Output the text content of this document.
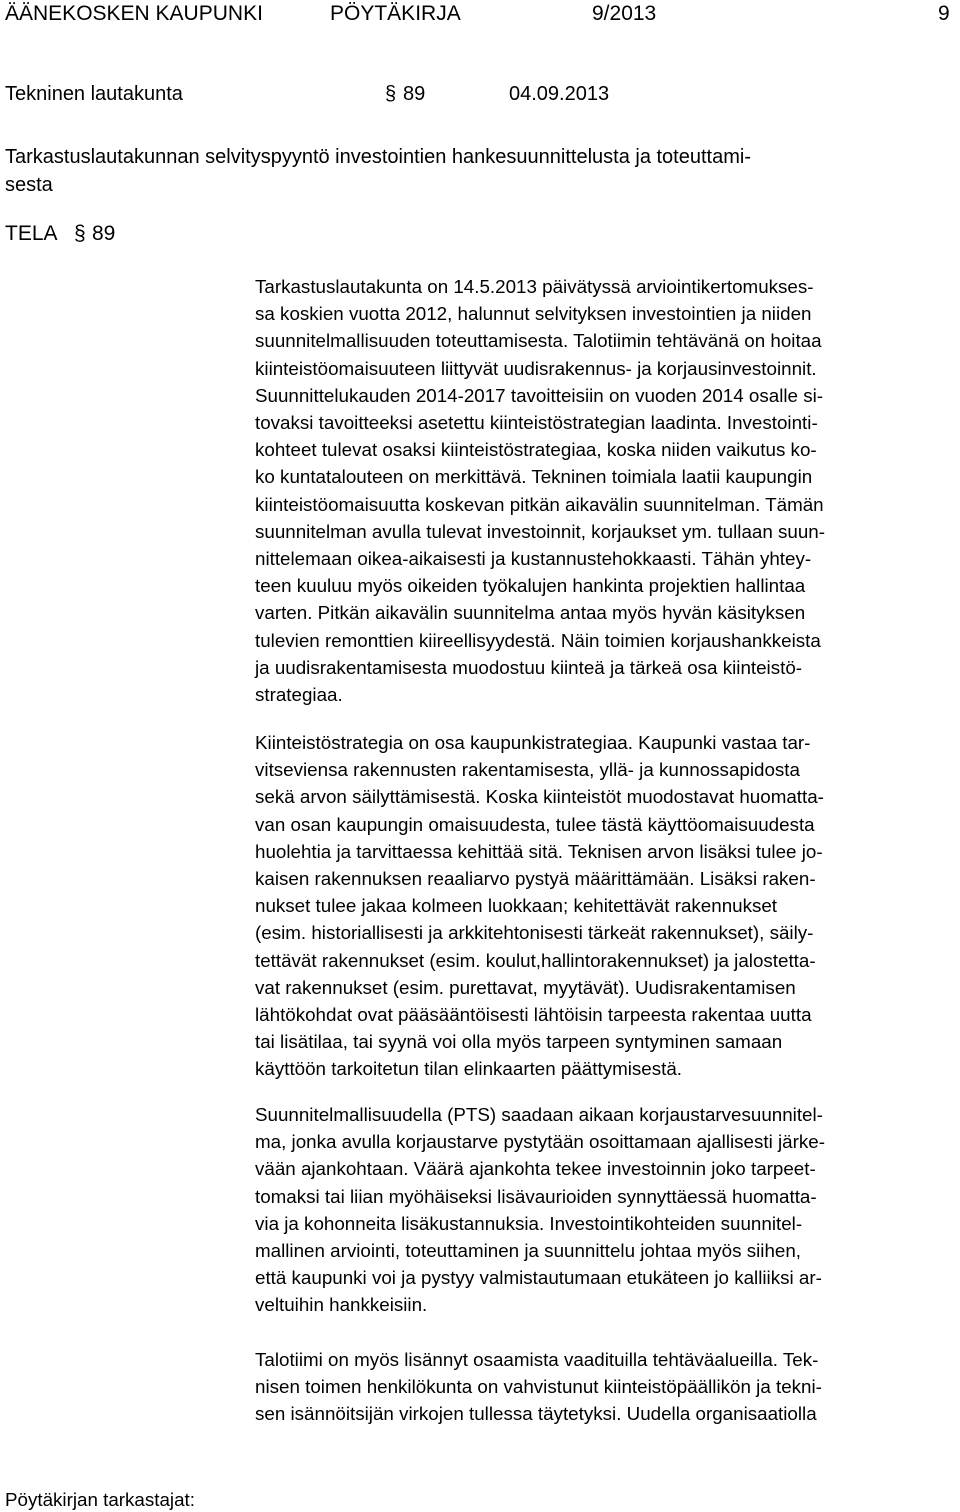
ÄÄNEKOSKEN KAUPUNKI	PÖYTÄKIRJA	9/2013	9
Tekninen lautakunta	§ 89	04.09.2013
Tarkastuslautakunnan selvityspyyntö investointien hankesuunnittelusta ja toteuttami-
sesta
TELA § 89
Tarkastuslautakunta on 14.5.2013 päivätyssä arviointikertomukses-
sa koskien vuotta 2012, halunnut selvityksen investointien ja niiden
suunnitelmallisuuden toteuttamisesta. Talotiimin tehtävänä on hoitaa
kiinteistöomaisuuteen liittyvät uudisrakennus- ja korjausinvestoinnit.
Suunnittelukauden 2014-2017 tavoitteisiin on vuoden 2014 osalle si-
tovaksi tavoitteeksi asetettu kiinteistöstrategian laadinta. Investointi-
kohteet tulevat osaksi kiinteistöstrategiaa, koska niiden vaikutus ko-
ko kuntatalouteen on merkittävä. Tekninen toimiala laatii kaupungin
kiinteistöomaisuutta koskevan pitkän aikavälin suunnitelman. Tämän
suunnitelman avulla tulevat investoinnit, korjaukset ym. tullaan suun-
nittelemaan oikea-aikaisesti ja kustannustehokkaasti. Tähän yhtey-
teen kuuluu myös oikeiden työkalujen hankinta projektien hallintaa
varten. Pitkän aikavälin suunnitelma antaa myös hyvän käsityksen
tulevien remonttien kiireellisyydestä. Näin toimien korjaushankkeista
ja uudisrakentamisesta muodostuu kiinteä ja tärkeä osa kiinteistö-
strategiaa.
Kiinteistöstrategia on osa kaupunkistrategiaa. Kaupunki vastaa tar-
vitseviensa rakennusten rakentamisesta, yllä- ja kunnossapidosta
sekä arvon säilyttämisestä. Koska kiinteistöt muodostavat huomatta-
van osan kaupungin omaisuudesta, tulee tästä käyttöomaisuudesta
huolehtia ja tarvittaessa kehittää sitä. Teknisen arvon lisäksi tulee jo-
kaisen rakennuksen reaaliarvo pystyä määrittämään. Lisäksi raken-
nukset tulee jakaa kolmeen luokkaan; kehitettävät rakennukset
(esim. historiallisesti ja arkkitehtonisesti tärkeät rakennukset), säily-
tettävät rakennukset (esim. koulut,hallintorakennukset) ja jalostetta-
vat rakennukset (esim. purettavat, myytävät). Uudisrakentamisen
lähtökohdat ovat pääsääntöisesti lähtöisin tarpeesta rakentaa uutta
tai lisätilaa, tai syynä voi olla myös tarpeen syntyminen samaan
käyttöön tarkoitetun tilan elinkaarten päättymisestä.
Suunnitelmallisuudella (PTS) saadaan aikaan korjaustarvesuunnitel-
ma, jonka avulla korjaustarve pystytään osoittamaan ajallisesti järke-
vään ajankohtaan. Väärä ajankohta tekee investoinnin joko tarpeet-
tomaksi tai liian myöhäiseksi lisävaurioiden synnyttäessä huomatta-
via ja kohonneita lisäkustannuksia. Investointikohteiden suunnitel-
mallinen arviointi, toteuttaminen ja suunnittelu johtaa myös siihen,
että kaupunki voi ja pystyy valmistautumaan etukäteen jo kalliiksi ar-
veltuihin hankkeisiin.
Talotiimi on myös lisännyt osaamista vaadituilla tehtäväalueilla. Tek-
nisen toimen henkilökunta on vahvistunut kiinteistöpäällikön ja tekni-
sen isännöitsijän virkojen tullessa täytetyksi. Uudella organisaatiolla
Pöytäkirjan tarkastajat:
